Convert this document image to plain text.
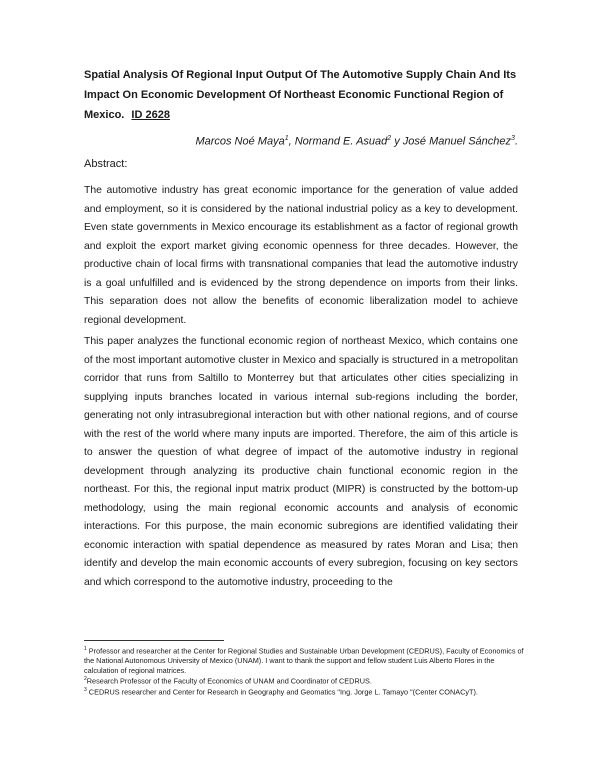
Spatial Analysis Of Regional Input Output Of The Automotive Supply Chain And Its Impact On Economic Development Of Northeast Economic Functional Region of Mexico. ID 2628
Marcos Noé Maya$^1$, Normand E. Asuad$^2$ y José Manuel Sánchez$^3$.
Abstract:

The automotive industry has great economic importance for the generation of value added and employment, so it is considered by the national industrial policy as a key to development. Even state governments in Mexico encourage its establishment as a factor of regional growth and exploit the export market giving economic openness for three decades. However, the productive chain of local firms with transnational companies that lead the automotive industry is a goal unfulfilled and is evidenced by the strong dependence on imports from their links. This separation does not allow the benefits of economic liberalization model to achieve regional development.

This paper analyzes the functional economic region of northeast Mexico, which contains one of the most important automotive cluster in Mexico and spacially is structured in a metropolitan corridor that runs from Saltillo to Monterrey but that articulates other cities specializing in supplying inputs branches located in various internal sub-regions including the border, generating not only intrasubregional interaction but with other national regions, and of course with the rest of the world where many inputs are imported. Therefore, the aim of this article is to answer the question of what degree of impact of the automotive industry in regional development through analyzing its productive chain functional economic region in the northeast. For this, the regional input matrix product (MIPR) is constructed by the bottom-up methodology, using the main regional economic accounts and analysis of economic interactions. For this purpose, the main economic subregions are identified validating their economic interaction with spatial dependence as measured by rates Moran and Lisa; then identify and develop the main economic accounts of every subregion, focusing on key sectors and which correspond to the automotive industry, proceeding to the

$^1$ Professor and researcher at the Center for Regional Studies and Sustainable Urban Development (CEDRUS), Faculty of Economics of the National Autonomous University of Mexico (UNAM). I want to thank the support and fellow student Luis Alberto Flores in the calculation of regional matrices.

$^2$Research Professor of the Faculty of Economics of UNAM and Coordinator of CEDRUS.

$^3$ CEDRUS researcher and Center for Research in Geography and Geomatics "Ing. Jorge L. Tamayo "(Center CONACyT).
